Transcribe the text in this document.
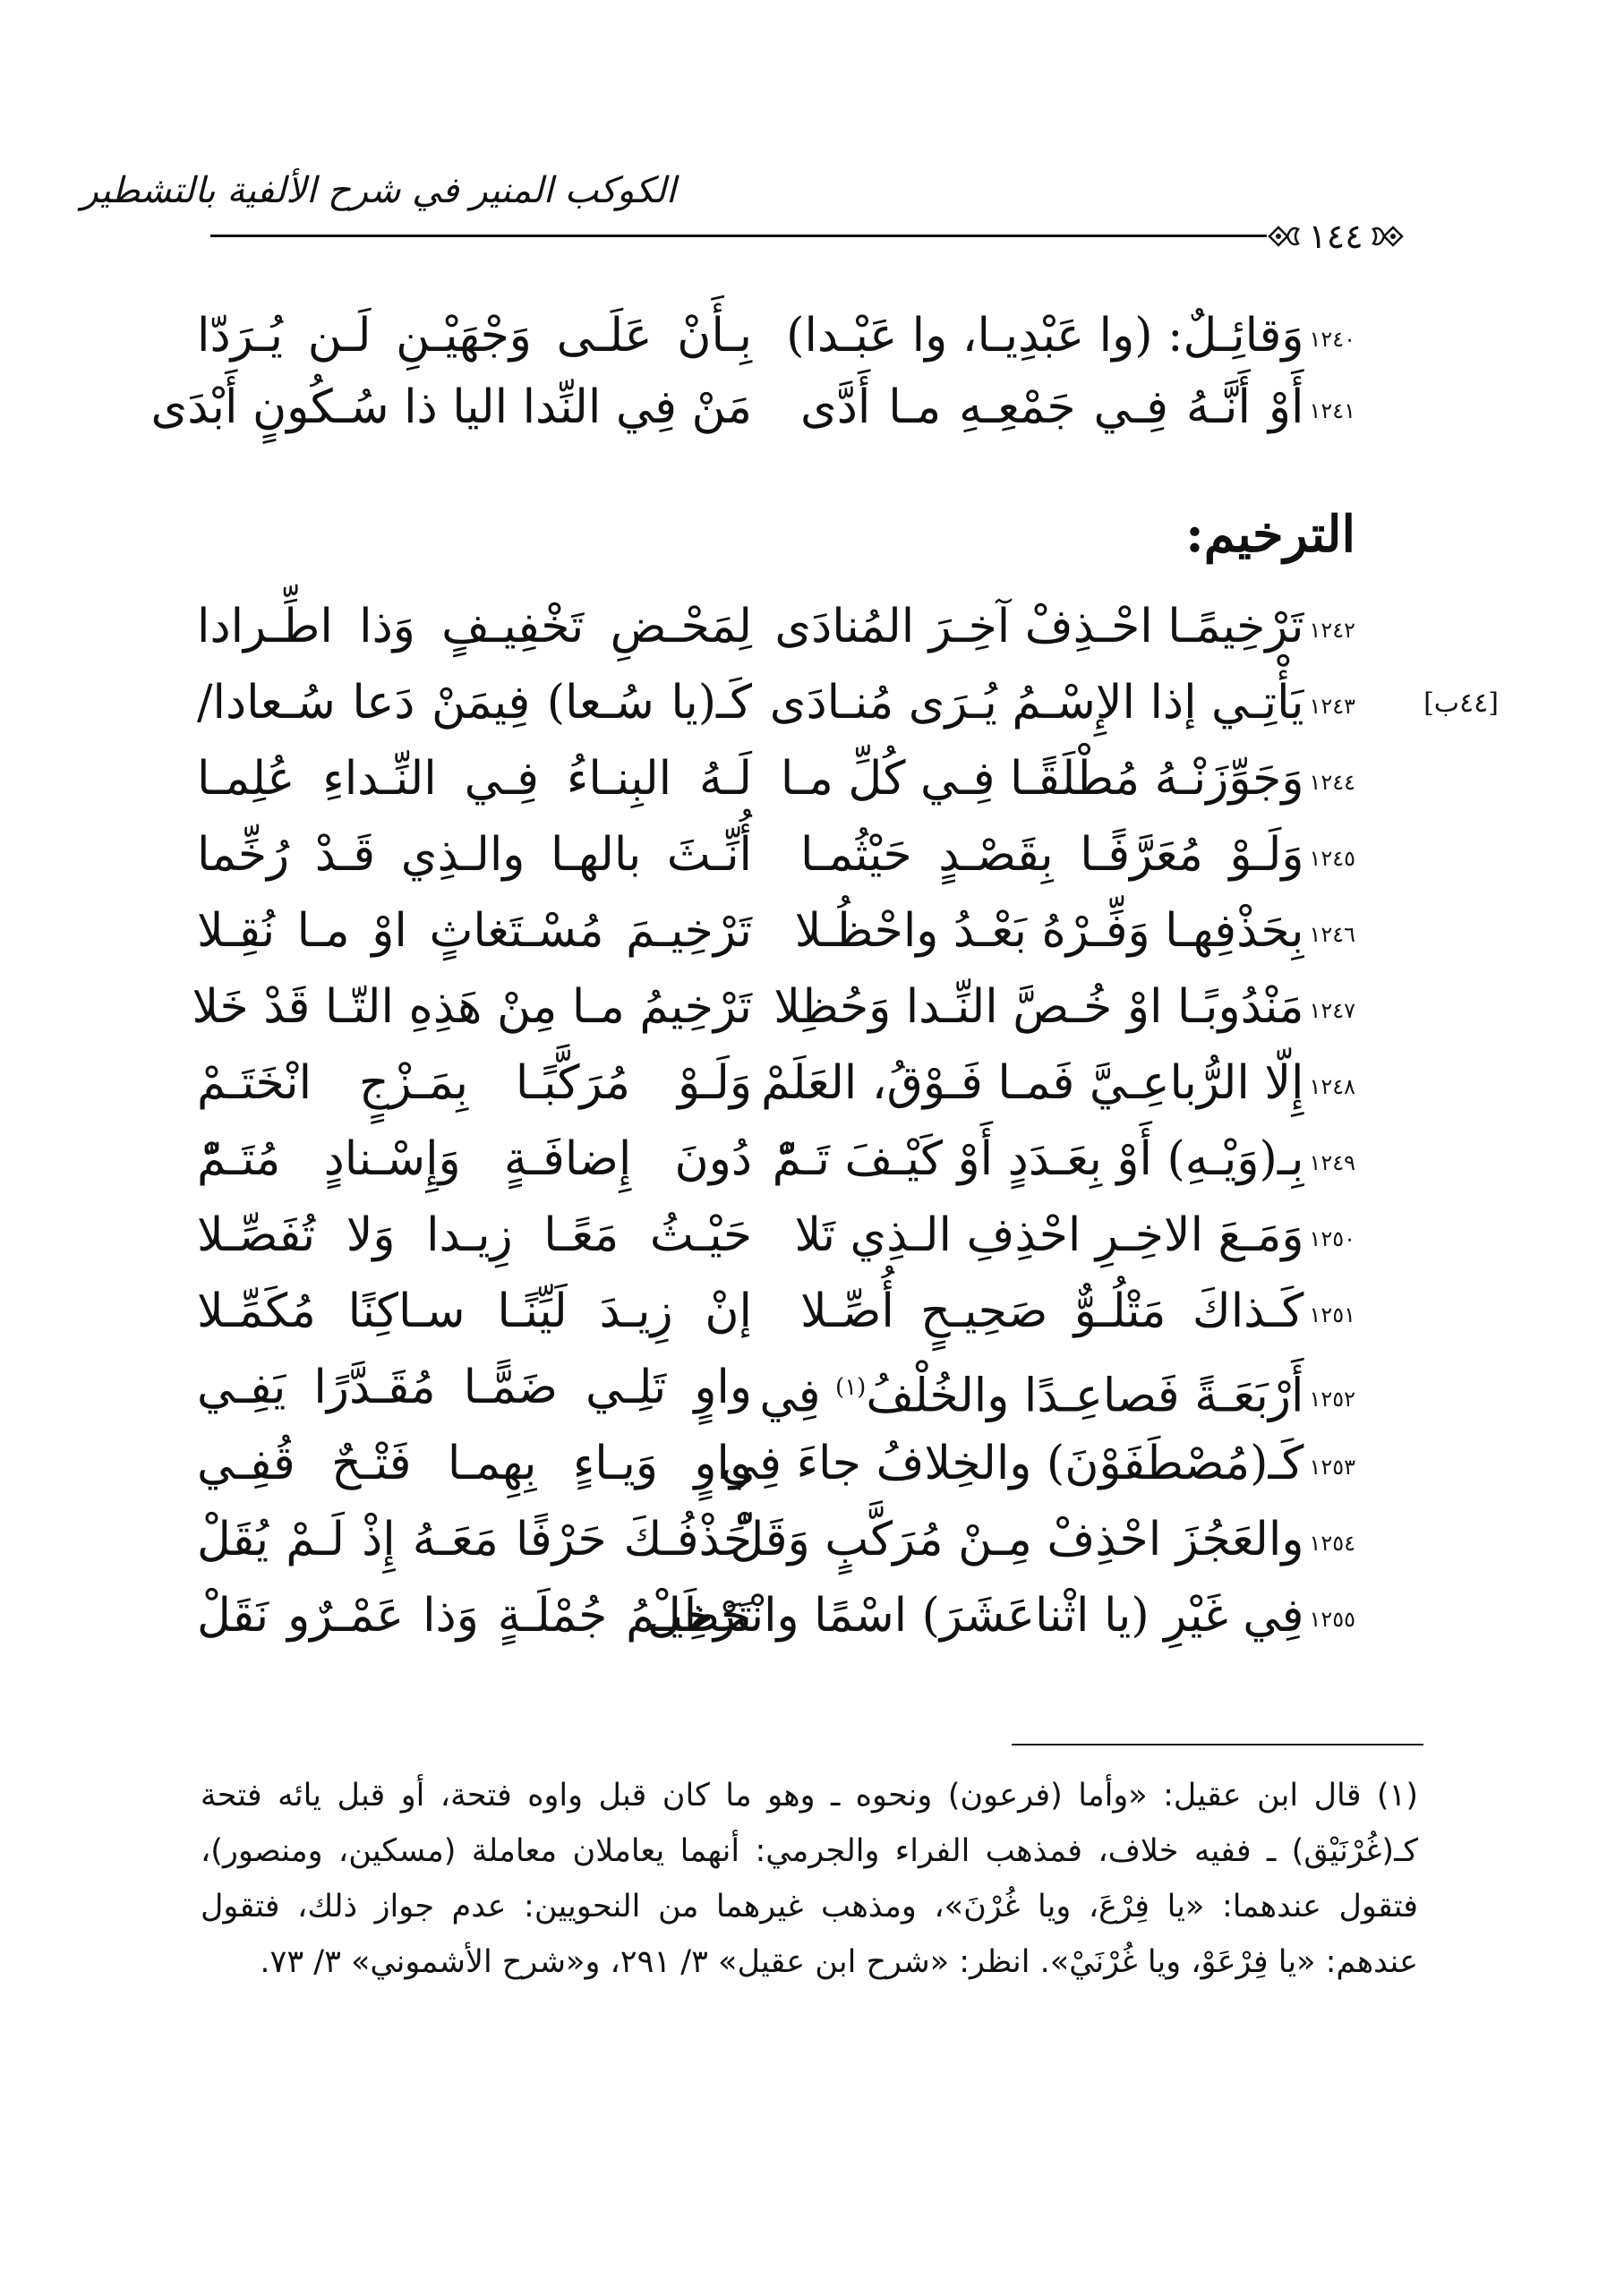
الكوكب المنير في شرح الألفية بالتشطير
١٤٤
١٢٤٠وَقائِـلٌ: (وا عَبْدِيـا، وا عَبْـدا)
بِـأَنْ عَلَـى وَجْهَيْـنِ لَـن يُـرَدّا
١٢٤١أَوْ أَنَّـهُ فِـي جَمْعِـهِ مـا أَدَّى
مَنْ فِي النِّدا اليا ذا سُـكُونٍ أَبْدَى
الترخيم:
١٢٤٢تَرْخِيمًـا احْـذِفْ آخِـرَ المُنادَى
لِمَحْـضِ تَخْفِيـفٍ وَذا اطِّـرادا
١٢٤٣يَأْتِـي إذا الإِسْـمُ يُـرَى مُنـادَى
كَـ(يا سُـعا) فِيمَنْ دَعا سُـعادا/	[٤٤ب]
١٢٤٤وَجَوِّزَنْـهُ مُطْلَقًـا فِـي كُلِّ مـا
لَـهُ البِنـاءُ فِـي النِّـداءِ عُلِمـا
١٢٤٥وَلَـوْ مُعَرَّفًـا بِقَصْـدٍ حَيْثُمـا
أُنِّـثَ بالهـا والـذِي قَـدْ رُخِّما
١٢٤٦بِحَذْفِهـا وَفِّـرْهُ بَعْـدُ واحْظُـلا
تَرْخِيـمَ مُسْـتَغاثٍ اوْ مـا نُقِـلا
١٢٤٧مَنْدُوبًـا اوْ خُـصَّ النِّـدا وَحُظِلا
تَرْخِيمُ مـا مِنْ هَذِهِ التّـا قَدْ خَلا
١٢٤٨إِلّا الرُّباعِـيَّ فَمـا فَـوْقُ، العَلَمْ
وَلَـوْ مُرَكَّبًـا بِمَـزْجٍ انْخَتَـمْ
١٢٤٩بِـ(وَيْـهِ) أَوْ بِعَـدَدٍ أَوْ كَيْـفَ تَـمّْ
دُونَ إِضافَـةٍ وَإِسْـنادٍ مُتَـمّْ
١٢٥٠وَمَـعَ الاخِـرِ احْذِفِ الـذِي تَلا
حَيْـثُ مَعًـا زِيـدا وَلا تُفَصِّـلا
١٢٥١كَـذاكَ مَتْلُـوٌّ صَحِيـحٍ أُصِّـلا
إنْ زِيـدَ لَيِّنًـا سـاكِنًا مُكَمِّـلا
١٢٥٢أَرْبَعَـةً فَصاعِـدًا والخُلْفُ$^{(١)}$ فِي
واوٍ تَلِـي ضَمًّـا مُقَـدَّرًا يَفِـي
١٢٥٣كَـ(مُصْطَفَوْنَ) والخِلافُ جاءَ فِي
واوٍ وَيـاءٍ بِهِمـا فَتْـحٌ قُفِـي
١٢٥٤والعَجُزَ احْذِفْ مِـنْ مُرَكَّبٍ وَقَلّْ
حَذْفُـكَ حَرْفًا مَعَـهُ إِذْ لَـمْ يُقَلْ
١٢٥٥فِي غَيْرِ (يا اثْناعَشَرَ) اسْمًا وانْحَظَلْ
تَرْخِيـمُ جُمْلَـةٍ وَذا عَمْـرٌو نَقَلْ
(١) قال ابن عقيل: «وأما (فرعون) ونحوه ـ وهو ما كان قبل واوه فتحة، أو قبل يائه فتحة كـ(غُرْنَيْق) ـ ففيه خلاف، فمذهب الفراء والجرمي: أنهما يعاملان معاملة (مسكين، ومنصور)، فتقول عندهما: «يا فِرْعَ، ويا غُرْنَ»، ومذهب غيرهما من النحويين: عدم جواز ذلك، فتقول عندهم: «يا فِرْعَوْ، ويا غُرْنَيْ». انظر: «شرح ابن عقيل» ٣/ ٢٩١، و«شرح الأشموني» ٣/ ٧٣.
